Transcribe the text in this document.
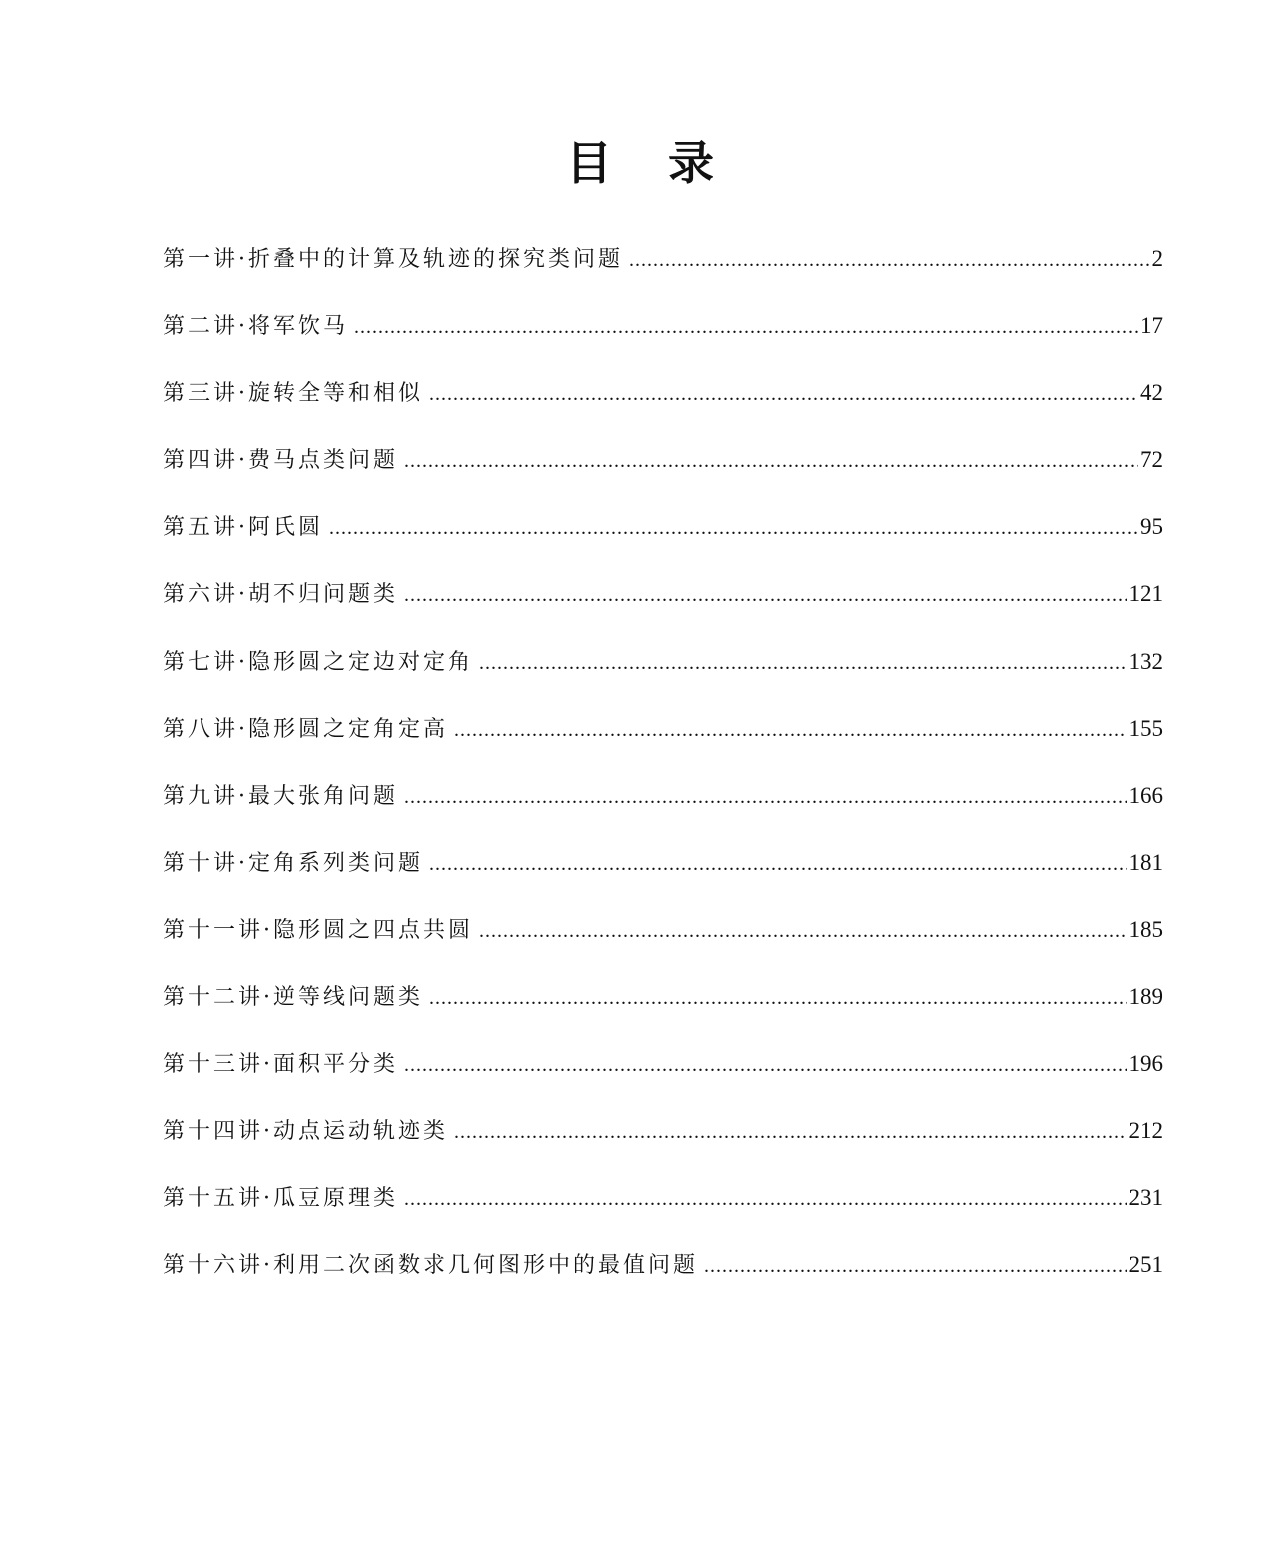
目 录
第一讲·折叠中的计算及轨迹的探究类问题 .....	2
第二讲·将军饮马 .....	17
第三讲·旋转全等和相似 .....	42
第四讲·费马点类问题 .....	72
第五讲·阿氏圆 .....	95
第六讲·胡不归问题类 .....	121
第七讲·隐形圆之定边对定角 .....	132
第八讲·隐形圆之定角定高 .....	155
第九讲·最大张角问题 .....	166
第十讲·定角系列类问题 .....	181
第十一讲·隐形圆之四点共圆 .....	185
第十二讲·逆等线问题类 .....	189
第十三讲·面积平分类 .....	196
第十四讲·动点运动轨迹类 .....	212
第十五讲·瓜豆原理类 .....	231
第十六讲·利用二次函数求几何图形中的最值问题 .....	251
